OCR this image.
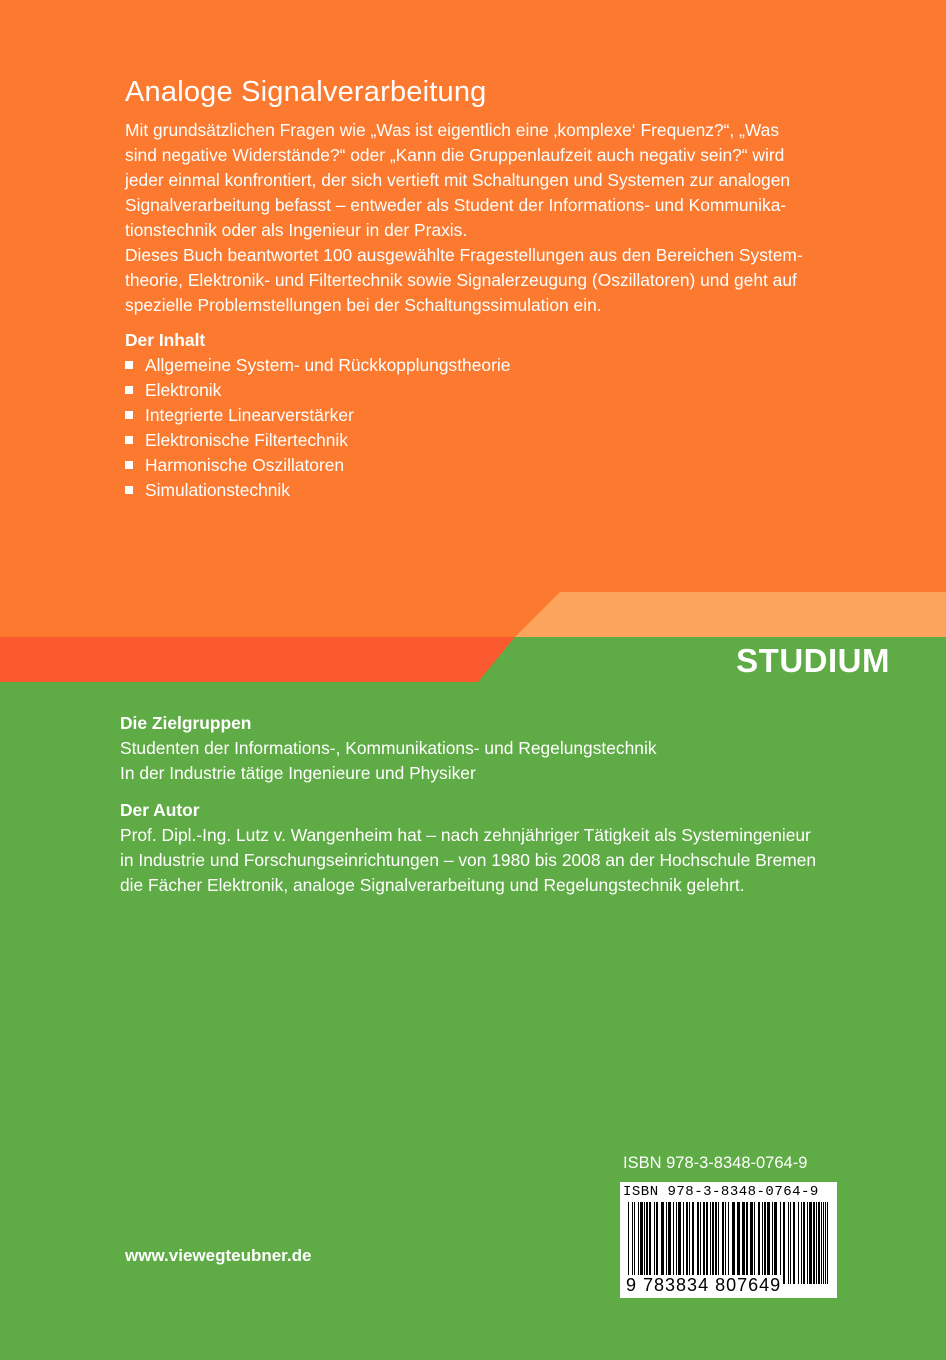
Analoge Signalverarbeitung

Mit grundsätzlichen Fragen wie „Was ist eigentlich eine ‚komplexe‘ Frequenz?“, „Was

sind negative Widerstände?“ oder „Kann die Gruppenlaufzeit auch negativ sein?“ wird

jeder einmal konfrontiert, der sich vertieft mit Schaltungen und Systemen zur analogen

Signalverarbeitung befasst – entweder als Student der Informations- und Kommunika-

tionstechnik oder als Ingenieur in der Praxis.

Dieses Buch beantwortet 100 ausgewählte Fragestellungen aus den Bereichen System-

theorie, Elektronik- und Filtertechnik sowie Signalerzeugung (Oszillatoren) und geht auf

spezielle Problemstellungen bei der Schaltungssimulation ein.

Der Inhalt

Allgemeine System- und Rückkopplungstheorie
Elektronik
Integrierte Linearverstärker
Elektronische Filtertechnik
Harmonische Oszillatoren
Simulationstechnik
STUDIUM

Die Zielgruppen

Studenten der Informations-, Kommunikations- und Regelungstechnik

In der Industrie tätige Ingenieure und Physiker

Der Autor

Prof. Dipl.-Ing. Lutz v. Wangenheim hat – nach zehnjähriger Tätigkeit als Systemingenieur

in Industrie und Forschungseinrichtungen – von 1980 bis 2008 an der Hochschule Bremen

die Fächer Elektronik, analoge Signalverarbeitung und Regelungstechnik gelehrt.

www.viewegteubner.de
ISBN 978-3-8348-0764-9
ISBN 978-3-8348-0764-9
9 783834 807649
